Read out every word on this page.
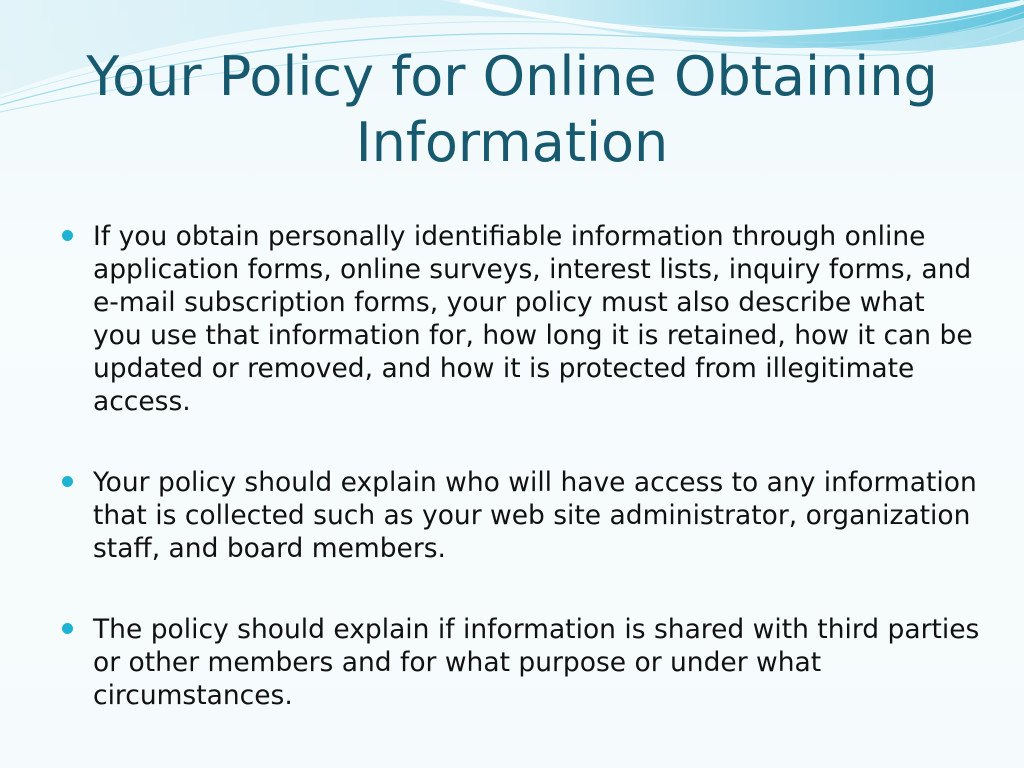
Your Policy for Online Obtaining Information
If you obtain personally identifiable information through online application forms, online surveys, interest lists, inquiry forms, and e-mail subscription forms, your policy must also describe what you use that information for, how long it is retained, how it can be updated or removed, and how it is protected from illegitimate access.
Your policy should explain who will have access to any information that is collected such as your web site administrator, organization staff, and board members.
The policy should explain if information is shared with third parties or other members and for what purpose or under what circumstances.
